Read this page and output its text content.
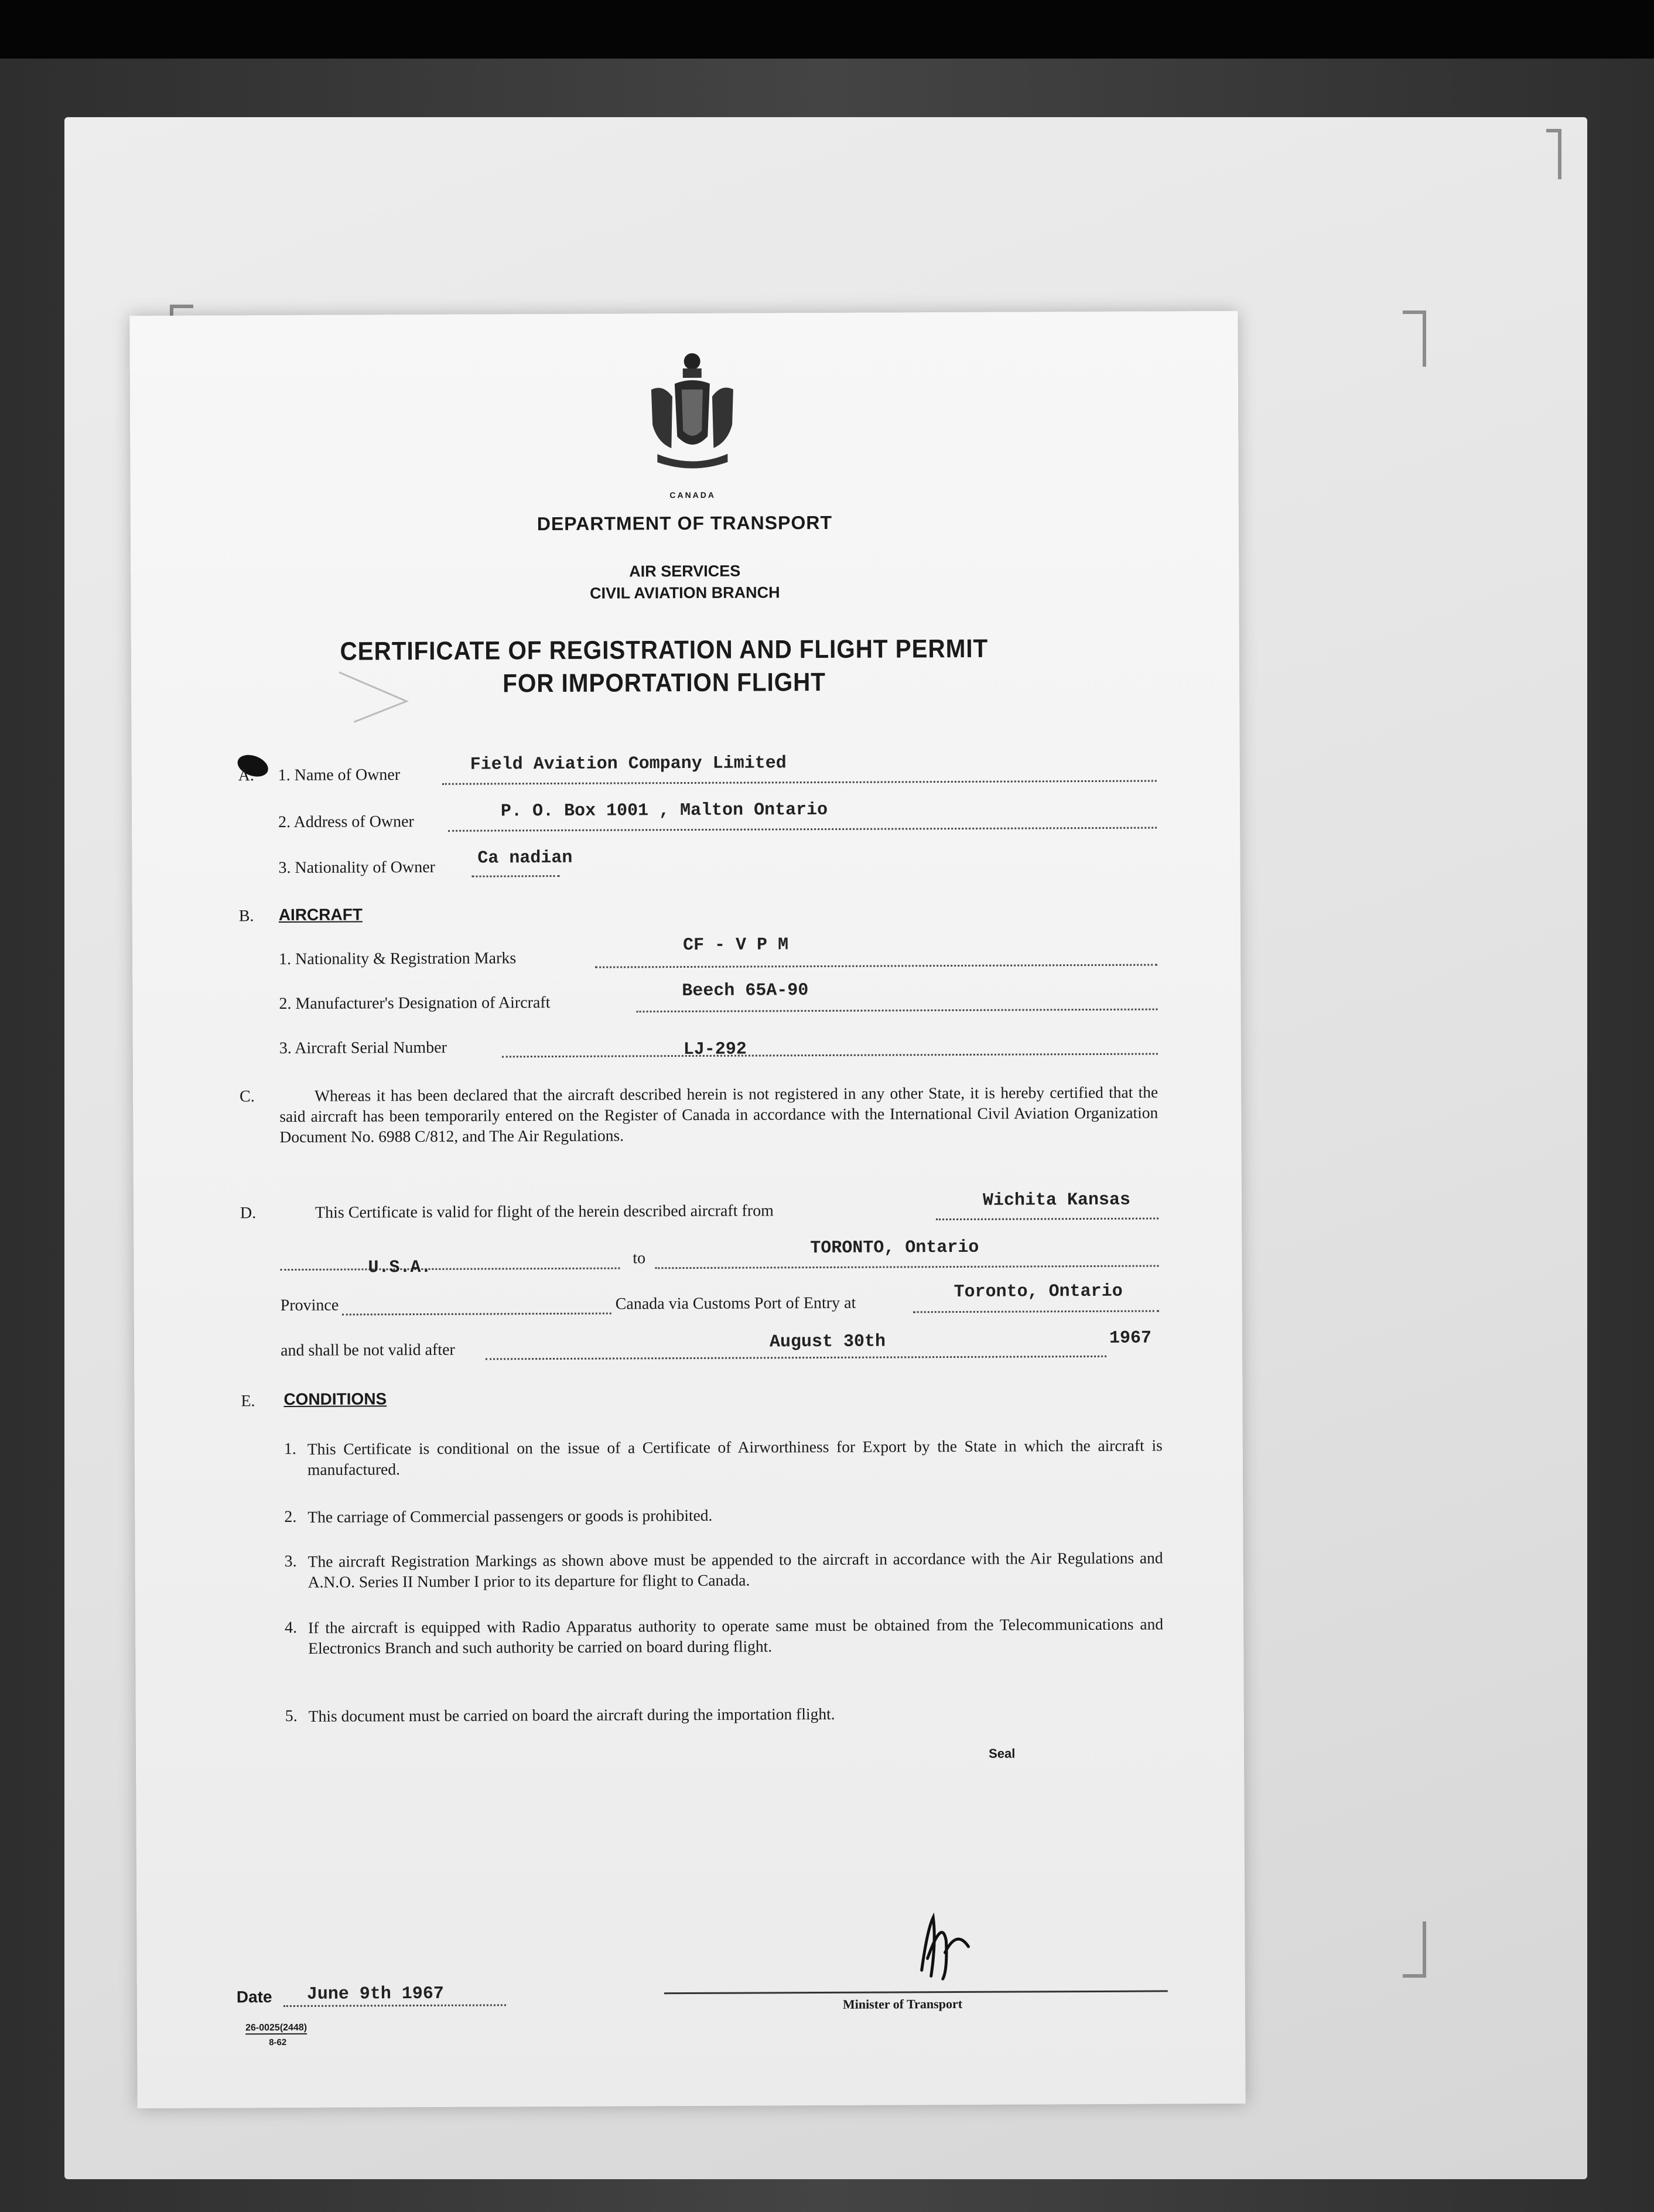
CANADA
DEPARTMENT OF TRANSPORT
AIR SERVICES
CIVIL AVIATION BRANCH
CERTIFICATE OF REGISTRATION AND FLIGHT PERMIT
FOR IMPORTATION FLIGHT
A. 1. Name of Owner
Field Aviation Company Limited
2. Address of Owner
P. O. Box 1001 , Malton Ontario
3. Nationality of Owner Ca nadian
B. AIRCRAFT
1. Nationality & Registration Marks
CF - V P M
2. Manufacturer's Designation of Aircraft
Beech 65A-90
3. Aircraft Serial Number	LJ-292
C.	Whereas it has been declared that the aircraft described herein is not registered in any other State, it is hereby certified that the said aircraft has been temporarily entered on the Register of Canada in accordance with the International Civil Aviation Organization Document No. 6988 C/812, and The Air Regulations.
D.	This Certificate is valid for flight of the herein described aircraft from
Wichita Kansas
U.S.A.	to	TORONTO, Ontario
Province	Canada via Customs Port of Entry at
Toronto, Ontario
and shall be not valid after	August 30th	1967
E. CONDITIONS
1. This Certificate is conditional on the issue of a Certificate of Airworthiness for Export by the State in which the aircraft is manufactured.
2. The carriage of Commercial passengers or goods is prohibited.
3. The aircraft Registration Markings as shown above must be appended to the aircraft in accordance with the Air Regulations and A.N.O. Series II Number I prior to its departure for flight to Canada.
4. If the aircraft is equipped with Radio Apparatus authority to operate same must be obtained from the Telecommunications and Electronics Branch and such authority be carried on board during flight.
5. This document must be carried on board the aircraft during the importation flight.
Seal
Minister of Transport
Date June 9th 1967
26-0025(2448)
8-62
